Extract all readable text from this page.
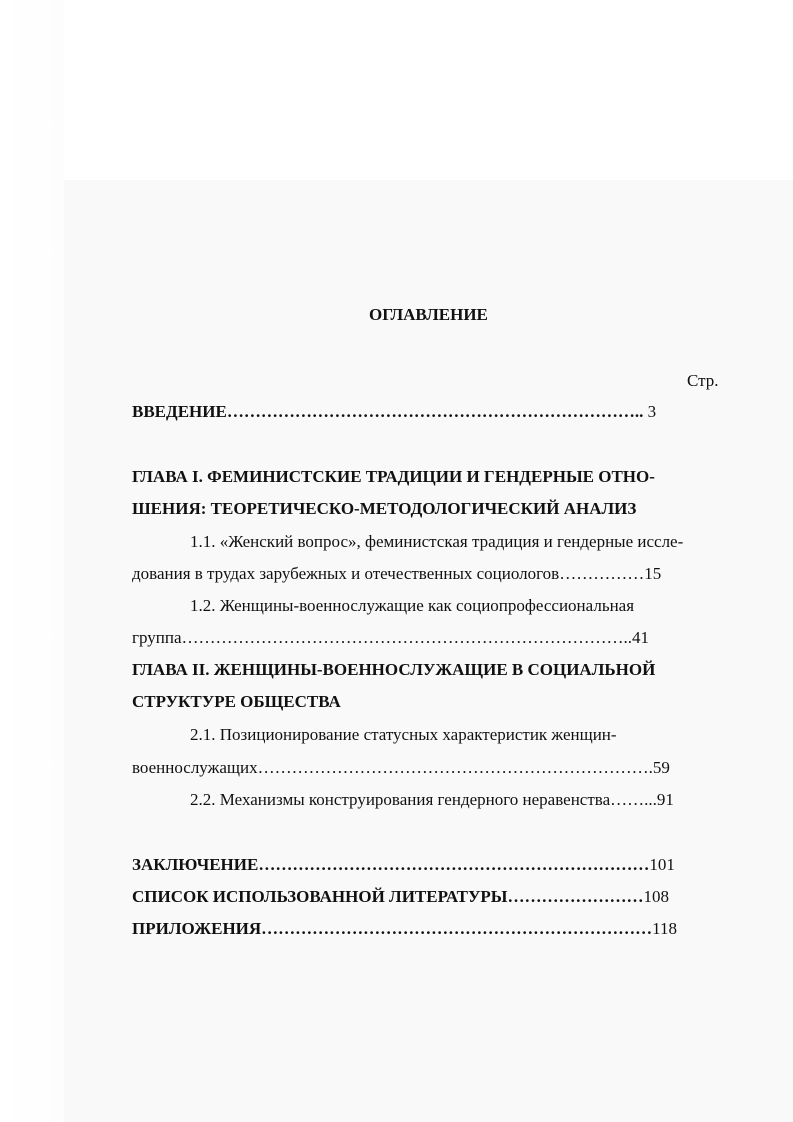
ОГЛАВЛЕНИЕ
Стр.
ВВЕДЕНИЕ……………………………………………………………….. 3
ГЛАВА I. ФЕМИНИСТСКИЕ ТРАДИЦИИ И ГЕНДЕРНЫЕ ОТНО-
ШЕНИЯ: ТЕОРЕТИЧЕСКО-МЕТОДОЛОГИЧЕСКИЙ АНАЛИЗ
1.1. «Женский вопрос», феминистская традиция и гендерные иссле-
дования в трудах зарубежных и отечественных социологов……………15
1.2. Женщины-военнослужащие как социопрофессиональная
группа……………………………………………………………………..41
ГЛАВА II. ЖЕНЩИНЫ-ВОЕННОСЛУЖАЩИЕ В СОЦИАЛЬНОЙ
СТРУКТУРЕ ОБЩЕСТВА
2.1. Позиционирование статусных характеристик женщин-
военнослужащих…………………………………………………………….59
2.2. Механизмы конструирования гендерного неравенства……...91
ЗАКЛЮЧЕНИЕ……………………………………………………………101
СПИСОК ИСПОЛЬЗОВАННОЙ ЛИТЕРАТУРЫ……………………108
ПРИЛОЖЕНИЯ……………………………………………………………118
